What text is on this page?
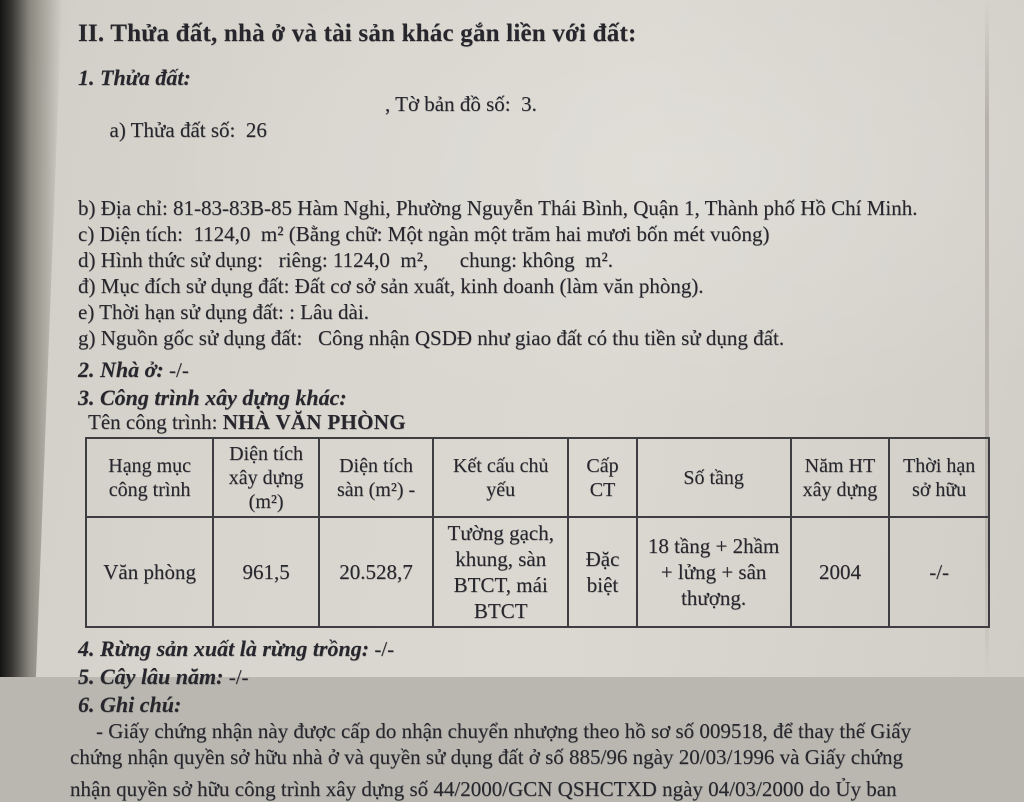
II. Thửa đất, nhà ở và tài sản khác gắn liền với đất:
1. Thửa đất:

a) Thửa đất số:  26

, Tờ bản đồ số:  3.

b) Địa chỉ: 81-83-83B-85 Hàm Nghi, Phường Nguyễn Thái Bình, Quận 1, Thành phố Hồ Chí Minh.
c) Diện tích:  1124,0  m² (Bằng chữ: Một ngàn một trăm hai mươi bốn mét vuông)
d) Hình thức sử dụng:   riêng: 1124,0  m²,      chung: không  m².
đ) Mục đích sử dụng đất: Đất cơ sở sản xuất, kinh doanh (làm văn phòng).
e) Thời hạn sử dụng đất: : Lâu dài.
g) Nguồn gốc sử dụng đất:   Công nhận QSDĐ như giao đất có thu tiền sử dụng đất.
2. Nhà ở: -/-
3. Công trình xây dựng khác:
Tên công trình: NHÀ VĂN PHÒNG
Hạng mục công trình	Diện tích xây dựng (m²)	Diện tích sàn (m²) -	Kết cấu chủ yếu	Cấp CT	Số tầng	Năm HT xây dựng	Thời hạn sở hữu
Văn phòng	961,5	20.528,7	Tường gạch, khung, sàn BTCT, mái BTCT	Đặc biệt	18 tầng + 2hầm + lửng + sân thượng.	2004	-/-
4. Rừng sản xuất là rừng trồng: -/-
5. Cây lâu năm: -/-
6. Ghi chú:
- Giấy chứng nhận này được cấp do nhận chuyển nhượng theo hồ sơ số 009518, để thay thế Giấy
chứng nhận quyền sở hữu nhà ở và quyền sử dụng đất ở số 885/96 ngày 20/03/1996 và Giấy chứng
nhận quyền sở hữu công trình xây dựng số 44/2000/GCN QSHCTXD ngày 04/03/2000 do Ủy ban
